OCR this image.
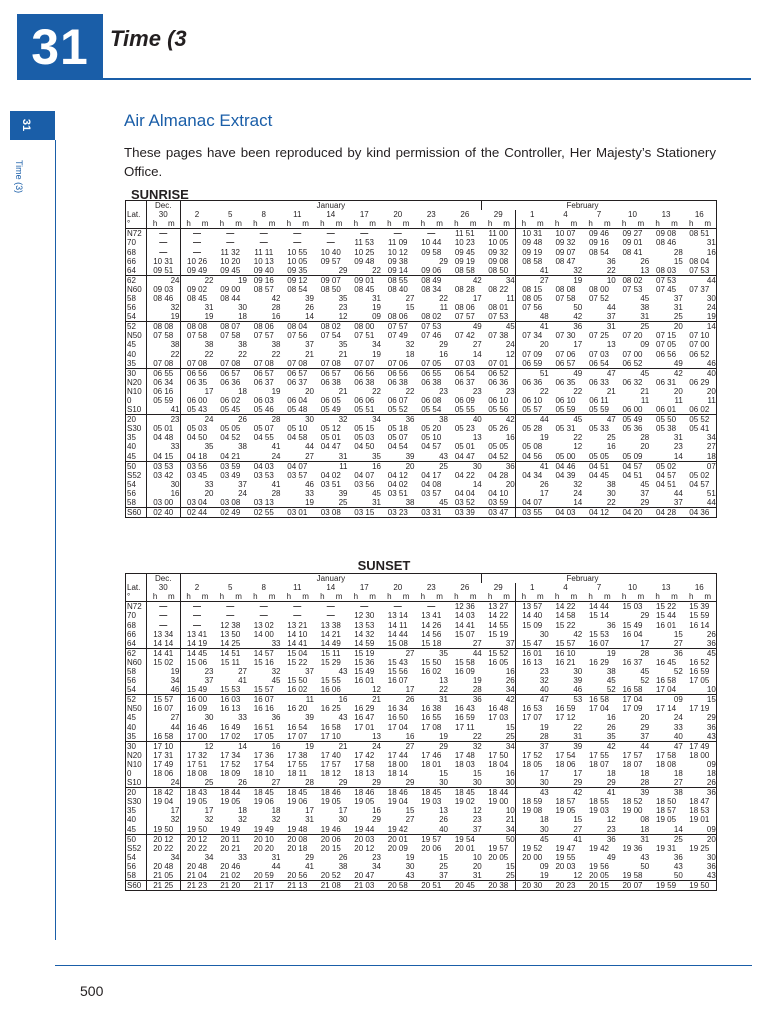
31 Time (3
31
Time (3)
Air Almanac Extract
These pages have been reproduced by kind permission of the Controller, Her Majesty’s Stationery Office.
SUNRISE
	Dec.		January																		February													
Lat.	30		2		5		8		11		14		17		20		23		26		29		1		4		7		10		13		16	
°	h	m	h	m	h	m	h	m	h	m	h	m	h	m	h	m	h	m	h	m	h	m	h	m	h	m	h	m	h	m	h	m	h	m
N72	—		—		—		—		—		—		—		—		—		11 51		11 00		10 31		10 07		09 46		09 27		09 08		08 51	
70	—		—		—		—		—		—		11 53		11 09		10 44		10 23		10 05		09 48		09 32		09 16		09 01		08 46		31	
68	—		—		11 32		11 11		10 55		10 40		10 25		10 12		09 58		09 45		09 32		09 19		09 07		08 54		08 41		28		16	
66	10 31		10 26		10 20		10 13		10 05		09 57		09 48		09 38		29		09 19		09 08		08 58		08 47		36		26		15		08 04	
64	09 51		09 49		09 45		09 40		09 35		29		22		09 14		09 06		08 58		08 50		41		32		22		13		08 03		07 53	
62	24		22		19		09 16		09 12		09 07		09 01		08 55		08 49		42		34		27		19		10		08 02		07 53		44	
N60	09 03		09 02		09 00		08 57		08 54		08 50		08 45		08 40		08 34		08 28		08 22		08 15		08 08		08 00		07 53		07 45		07 37	
58	08 46		08 45		08 44		42		39		35		31		27		22		17		11		08 05		07 58		07 52		45		37		30	
56	32		31		30		28		26		23		19		15		11		08 06		08 01		07 56		50		44		38		31		24	
54	19		19		18		16		14		12		09		08 06		08 02		07 57		07 53		48		42		37		31		25		19	
52	08 08		08 08		08 07		08 06		08 04		08 02		08 00		07 57		07 53		49		45		41		36		31		25		20		14	
N50	07 58		07 58		07 58		07 57		07 56		07 54		07 51		07 49		07 46		07 42		07 38		07 34		07 30		07 25		07 20		07 15		07 10	
45	38		38		38		38		37		35		34		32		29		27		24		20		17		13		09		07 05		07 00	
40	22		22		22		22		21		21		19		18		16		14		12		07 09		07 06		07 03		07 00		06 56		06 52	
35	07 08		07 08		07 08		07 08		07 08		07 08		07 07		07 06		07 05		07 03		07 01		06 59		06 57		06 54		06 52		49		46	
30	06 55		06 56		06 57		06 57		06 57		06 57		06 56		06 56		06 55		06 54		06 52		51		49		47		45		42		40	
N20	06 34		06 35		06 36		06 37		06 37		06 38		06 38		06 38		06 38		06 37		06 36		06 36		06 35		06 33		06 32		06 31		06 29	
N10	06 16		17		18		19		20		21		22		22		23		23		23		22		22		21		21		20		20	
0	05 59		06 00		06 02		06 03		06 04		06 05		06 06		06 07		06 08		06 09		06 10		06 10		06 10		06 11		11		11		11	
S10	41		05 43		05 45		05 46		05 48		05 49		05 51		05 52		05 54		05 55		05 56		05 57		05 59		05 59		06 00		06 01		06 02	
20	23		24		26		28		30		32		34		36		38		40		42		44		45		47		05 49		05 50		05 52	
S30	05 01		05 03		05 05		05 07		05 10		05 12		05 15		05 18		05 20		05 23		05 26		05 28		05 31		05 33		05 36		05 38		05 41	
35	04 48		04 50		04 52		04 55		04 58		05 01		05 03		05 07		05 10		13		16		19		22		25		28		31		34	
40	33		35		38		41		44		04 47		04 50		04 54		04 57		05 01		05 05		05 08		12		16		20		23		27	
45	04 15		04 18		04 21		24		27		31		35		39		43		04 47		04 52		04 56		05 00		05 05		05 09		14		18	
50	03 53		03 56		03 59		04 03		04 07		11		16		20		25		30		36		41		04 46		04 51		04 57		05 02		07	
S52	03 42		03 45		03 49		03 53		03 57		04 02		04 07		04 12		04 17		04 22		04 28		04 34		04 39		04 45		04 51		04 57		05 02	
54	30		33		37		41		46		03 51		03 56		04 02		04 08		14		20		26		32		38		45		04 51		04 57	
56	16		20		24		28		33		39		45		03 51		03 57		04 04		04 10		17		24		30		37		44		51	
58	03 00		03 04		03 08		03 13		19		25		31		38		45		03 52		03 59		04 07		14		22		29		37		44	
S60	02 40		02 44		02 49		02 55		03 01		03 08		03 15		03 23		03 31		03 39		03 47		03 55		04 03		04 12		04 20		04 28		04 36	
SUNSET
	Dec.		January																		February													
Lat.	30		2		5		8		11		14		17		20		23		26		29		1		4		7		10		13		16	
°	h	m	h	m	h	m	h	m	h	m	h	m	h	m	h	m	h	m	h	m	h	m	h	m	h	m	h	m	h	m	h	m	h	m
N72	—		—		—		—		—		—		—		—		—		12 36		13 27		13 57		14 22		14 44		15 03		15 22		15 39	
70	—		—		—		—		—		—		12 30		13 14		13 41		14 03		14 22		14 40		14 58		15 14		29		15 44		15 59	
68	—		—		12 38		13 02		13 21		13 38		13 53		14 11		14 26		14 41		14 55		15 09		15 22		36		15 49		16 01		16 14	
66	13 34		13 41		13 50		14 00		14 10		14 21		14 32		14 44		14 56		15 07		15 19		30		42		15 53		16 04		15		26	
64	14 14		14 19		14 25		33		14 41		14 49		14 59		15 08		15 18		27		37		15 47		15 57		16 07		17		27		36	
62	14 41		14 45		14 51		14 57		15 04		15 11		15 19		27		35		44		15 52		16 01		16 10		19		28		36		45	
N60	15 02		15 06		15 11		15 16		15 22		15 29		15 36		15 43		15 50		15 58		16 05		16 13		16 21		16 29		16 37		16 45		16 52	
58	19		23		27		32		37		43		15 49		15 56		16 02		16 09		16		23		30		38		45		52		16 59	
56	34		37		41		45		15 50		15 55		16 01		16 07		13		19		26		32		39		45		52		16 58		17 05	
54	46		15 49		15 53		15 57		16 02		16 06		12		17		22		28		34		40		46		52		16 58		17 04		10	
52	15 57		16 00		16 03		16 07		11		16		21		26		31		36		42		47		53		16 58		17 04		09		15	
N50	16 07		16 09		16 13		16 16		16 20		16 25		16 29		16 34		16 38		16 43		16 48		16 53		16 59		17 04		17 09		17 14		17 19	
45	27		30		33		36		39		43		16 47		16 50		16 55		16 59		17 03		17 07		17 12		16		20		24		29	
40	44		16 46		16 49		16 51		16 54		16 58		17 01		17 04		17 08		17 11		15		19		22		26		29		33		36	
35	16 58		17 00		17 02		17 05		17 07		17 10		13		16		19		22		25		28		31		35		37		40		43	
30	17 10		12		14		16		19		21		24		27		29		32		34		37		39		42		44		47		17 49	
N20	17 31		17 32		17 34		17 36		17 38		17 40		17 42		17 44		17 46		17 48		17 50		17 52		17 54		17 55		17 57		17 58		18 00	
N10	17 49		17 51		17 52		17 54		17 55		17 57		17 58		18 00		18 01		18 03		18 04		18 05		18 06		18 07		18 07		18 08		09	
0	18 06		18 08		18 09		18 10		18 11		18 12		18 13		18 14		15		15		16		17		17		18		18		18		18	
S10	24		25		26		27		28		29		29		29		30		30		30		30		29		29		28		27		26	
20	18 42		18 43		18 44		18 45		18 45		18 46		18 46		18 46		18 45		18 45		18 44		43		42		41		39		38		36	
S30	19 04		19 05		19 05		19 06		19 06		19 05		19 05		19 04		19 03		19 02		19 00		18 59		18 57		18 55		18 52		18 50		18 47	
35	17		17		18		18		17		17		16		15		13		12		10		19 08		19 05		19 03		19 00		18 57		18 53	
40	32		32		32		32		31		30		29		27		26		23		21		18		15		12		08		19 05		19 01	
45	19 50		19 50		19 49		19 49		19 48		19 46		19 44		19 42		40		37		34		30		27		23		18		14		09	
50	20 12		20 12		20 11		20 10		20 08		20 06		20 03		20 01		19 57		19 54		50		45		41		36		31		25		20	
S52	20 22		20 22		20 21		20 20		20 18		20 15		20 12		20 09		20 06		20 01		19 57		19 52		19 47		19 42		19 36		19 31		19 25	
54	34		34		33		31		29		26		23		19		15		10		20 05		20 00		19 55		49		43		36		30	
56	20 48		20 48		20 46		44		41		38		34		30		25		20		15		09		20 03		19 56		50		43		36	
58	21 05		21 04		21 02		20 59		20 56		20 52		20 47		43		37		31		25		19		12		20 05		19 58		50		43	
S60	21 25		21 23		21 20		21 17		21 13		21 08		21 03		20 58		20 51		20 45		20 38		20 30		20 23		20 15		20 07		19 59		19 50	
500
